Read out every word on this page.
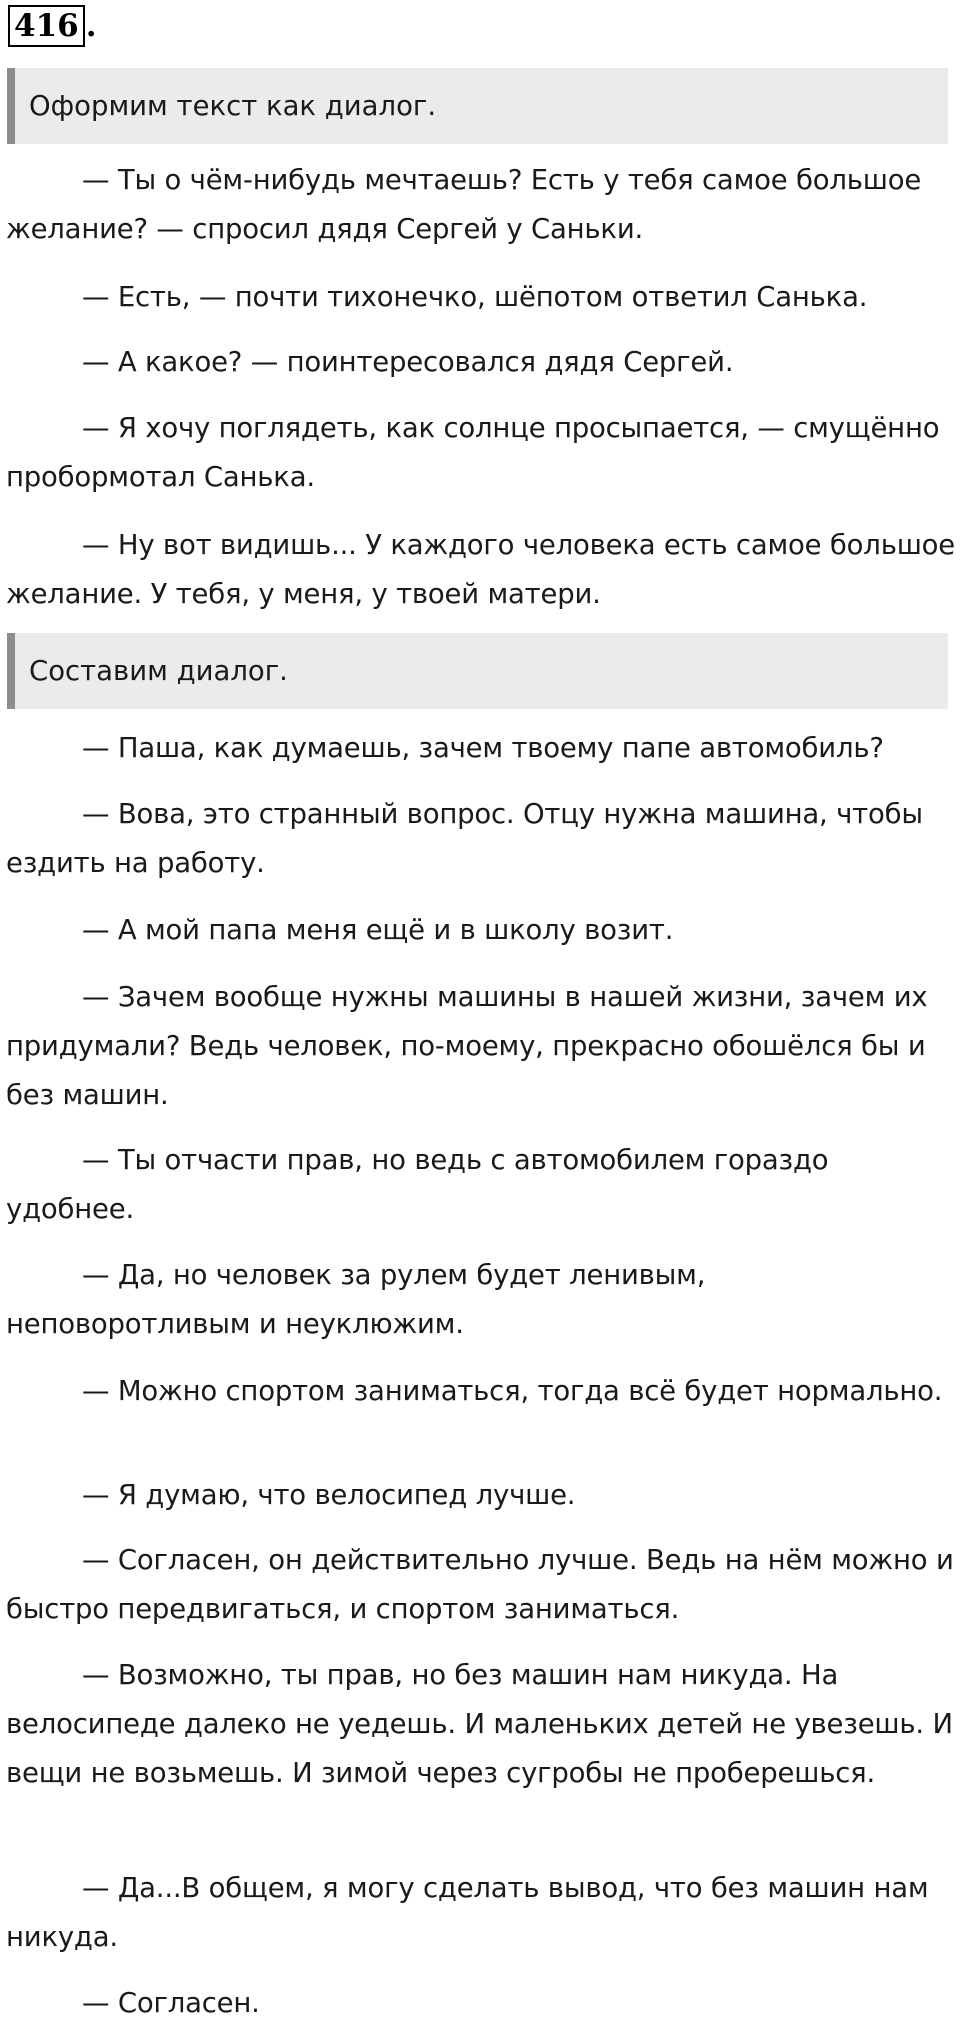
416 .
Оформим текст как диалог.

— Ты о чём-нибудь мечтаешь? Есть у тебя самое большое желание? — спросил дядя Сергей у Саньки.

— Есть, — почти тихонечко, шёпотом ответил Санька.

— А какое? — поинтересовался дядя Сергей.

— Я хочу поглядеть, как солнце просыпается, — смущённо пробормотал Санька.

— Ну вот видишь... У каждого человека есть самое большое желание. У тебя, у меня, у твоей матери.

Составим диалог.

— Паша, как думаешь, зачем твоему папе автомобиль?

— Вова, это странный вопрос. Отцу нужна машина, чтобы ездить на работу.

— А мой папа меня ещё и в школу возит.

— Зачем вообще нужны машины в нашей жизни, зачем их придумали? Ведь человек, по-моему, прекрасно обошёлся бы и без машин.

— Ты отчасти прав, но ведь с автомобилем гораздо удобнее.

— Да, но человек за рулем будет ленивым, неповоротливым и неуклюжим.

— Можно спортом заниматься, тогда всё будет нормально.

— Я думаю, что велосипед лучше.

— Согласен, он действительно лучше. Ведь на нём можно и быстро передвигаться, и спортом заниматься.

— Возможно, ты прав, но без машин нам никуда. На велосипеде далеко не уедешь. И маленьких детей не увезешь. И вещи не возьмешь. И зимой через сугробы не проберешься.

— Да...В общем, я могу сделать вывод, что без машин нам никуда.

— Согласен.
